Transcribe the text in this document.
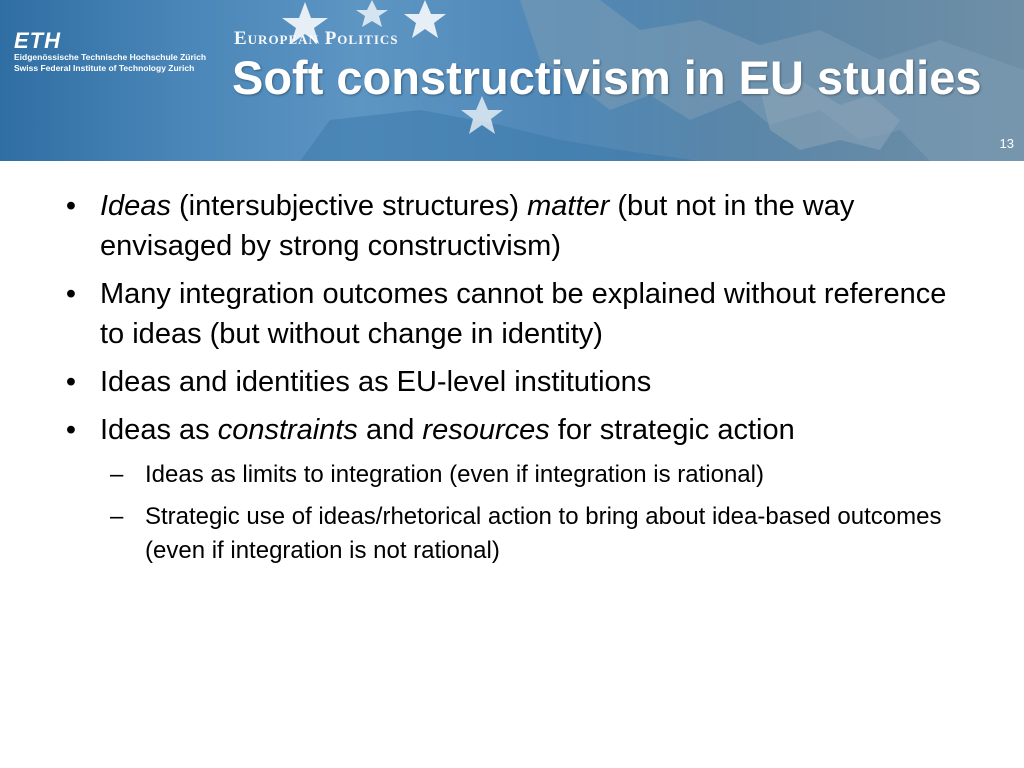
ETH
Eidgenössische Technische Hochschule Zürich
Swiss Federal Institute of Technology Zurich
European Politics
Soft constructivism in EU studies
13
• Ideas (intersubjective structures) matter (but not in the way envisaged by strong constructivism)
• Many integration outcomes cannot be explained without reference to ideas (but without change in identity)
• Ideas and identities as EU-level institutions
• Ideas as constraints and resources for strategic action
– Ideas as limits to integration (even if integration is rational)
– Strategic use of ideas/rhetorical action to bring about idea-based outcomes (even if integration is not rational)
